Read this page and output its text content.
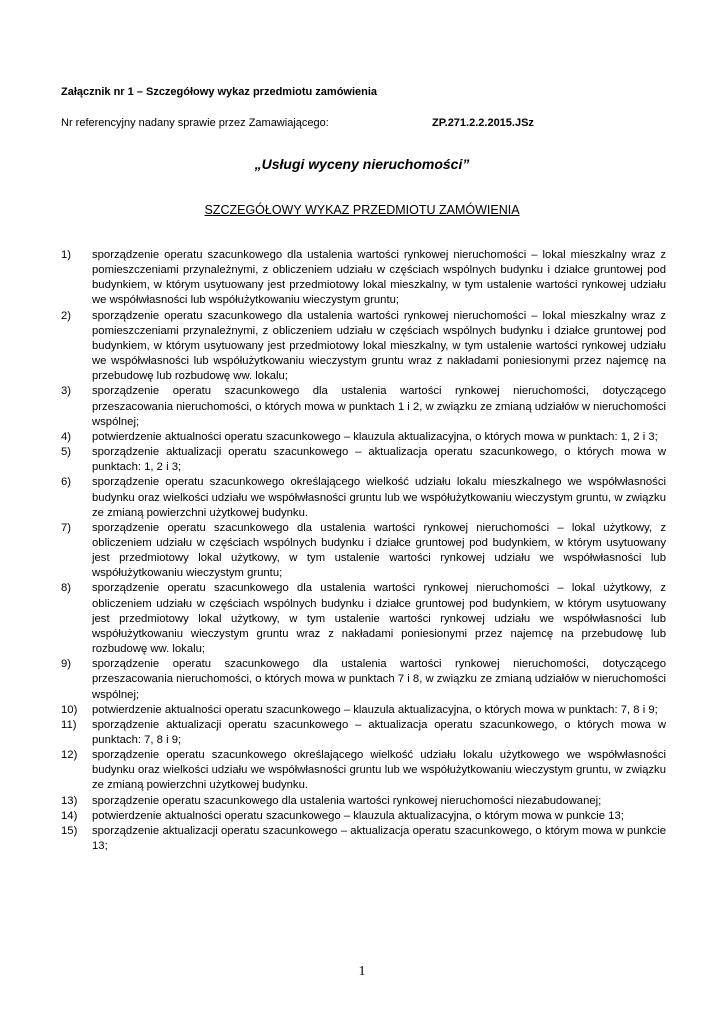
Załącznik nr 1 – Szczegółowy wykaz przedmiotu zamówienia
Nr referencyjny nadany sprawie przez Zamawiającego:	ZP.271.2.2.2015.JSz
„Usługi wyceny nieruchomości”
SZCZEGÓŁOWY WYKAZ PRZEDMIOTU ZAMÓWIENIA
1)	sporządzenie operatu szacunkowego dla ustalenia wartości rynkowej nieruchomości – lokal mieszkalny wraz z pomieszczeniami przynależnymi, z obliczeniem udziału w częściach wspólnych budynku i działce gruntowej pod budynkiem, w którym usytuowany jest przedmiotowy lokal mieszkalny, w tym ustalenie wartości rynkowej udziału we współwłasności lub współużytkowaniu wieczystym gruntu;
2)	sporządzenie operatu szacunkowego dla ustalenia wartości rynkowej nieruchomości – lokal mieszkalny wraz z pomieszczeniami przynależnymi, z obliczeniem udziału w częściach wspólnych budynku i działce gruntowej pod budynkiem, w którym usytuowany jest przedmiotowy lokal mieszkalny, w tym ustalenie wartości rynkowej udziału we współwłasności lub współużytkowaniu wieczystym gruntu wraz z nakładami poniesionymi przez najemcę na przebudowę lub rozbudowę ww. lokalu;
3)	sporządzenie operatu szacunkowego dla ustalenia wartości rynkowej nieruchomości, dotyczącego przeszacowania nieruchomości, o których mowa w punktach 1 i 2, w związku ze zmianą udziałów w nieruchomości wspólnej;
4)	potwierdzenie aktualności operatu szacunkowego – klauzula aktualizacyjna, o których mowa w punktach: 1, 2 i 3;
5)	sporządzenie aktualizacji operatu szacunkowego – aktualizacja operatu szacunkowego, o których mowa w punktach: 1, 2 i 3;
6)	sporządzenie operatu szacunkowego określającego wielkość udziału lokalu mieszkalnego we współwłasności budynku oraz wielkości udziału we współwłasności gruntu lub we współużytkowaniu wieczystym gruntu, w związku ze zmianą powierzchni użytkowej budynku.
7)	sporządzenie operatu szacunkowego dla ustalenia wartości rynkowej nieruchomości – lokal użytkowy, z obliczeniem udziału w częściach wspólnych budynku i działce gruntowej pod budynkiem, w którym usytuowany jest przedmiotowy lokal użytkowy, w tym ustalenie wartości rynkowej udziału we współwłasności lub współużytkowaniu wieczystym gruntu;
8)	sporządzenie operatu szacunkowego dla ustalenia wartości rynkowej nieruchomości – lokal użytkowy, z obliczeniem udziału w częściach wspólnych budynku i działce gruntowej pod budynkiem, w którym usytuowany jest przedmiotowy lokal użytkowy, w tym ustalenie wartości rynkowej udziału we współwłasności lub współużytkowaniu wieczystym gruntu wraz z nakładami poniesionymi przez najemcę na przebudowę lub rozbudowę ww. lokalu;
9)	sporządzenie operatu szacunkowego dla ustalenia wartości rynkowej nieruchomości, dotyczącego przeszacowania nieruchomości, o których mowa w punktach 7 i 8, w związku ze zmianą udziałów w nieruchomości wspólnej;
10)	potwierdzenie aktualności operatu szacunkowego – klauzula aktualizacyjna, o których mowa w punktach: 7, 8 i 9;
11)	sporządzenie aktualizacji operatu szacunkowego – aktualizacja operatu szacunkowego, o których mowa w punktach: 7, 8 i 9;
12)	sporządzenie operatu szacunkowego określającego wielkość udziału lokalu użytkowego we współwłasności budynku oraz wielkości udziału we współwłasności gruntu lub we współużytkowaniu wieczystym gruntu, w związku ze zmianą powierzchni użytkowej budynku.
13)	sporządzenie operatu szacunkowego dla ustalenia wartości rynkowej nieruchomości niezabudowanej;
14)	potwierdzenie aktualności operatu szacunkowego – klauzula aktualizacyjna, o którym mowa w punkcie 13;
15)	sporządzenie aktualizacji operatu szacunkowego – aktualizacja operatu szacunkowego, o którym mowa w punkcie 13;
1
